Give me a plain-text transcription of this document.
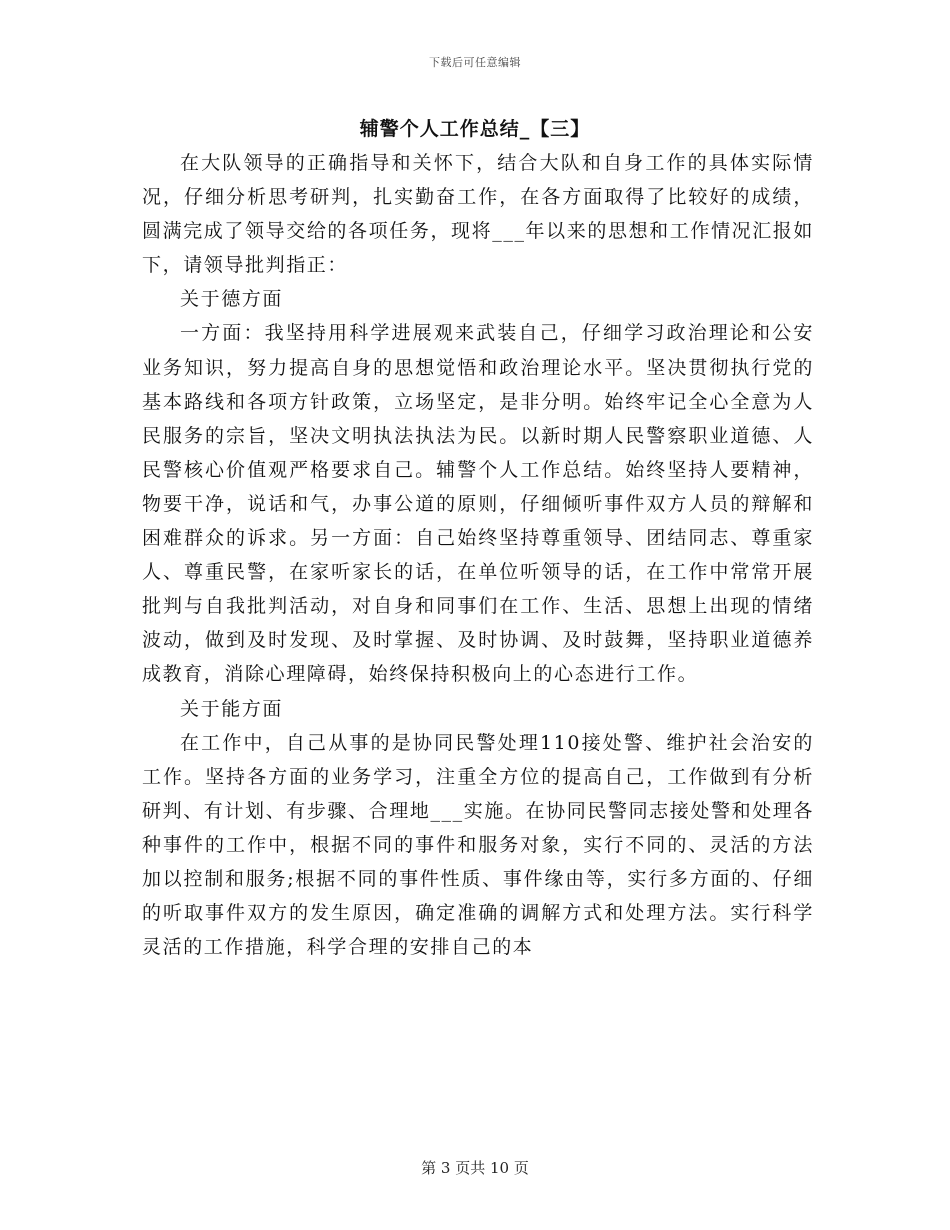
下载后可任意编辑
辅警个人工作总结_【三】

在大队领导的正确指导和关怀下，结合大队和自身工作的具体实际情况，仔细分析思考研判，扎实勤奋工作，在各方面取得了比较好的成绩，圆满完成了领导交给的各项任务，现将___年以来的思想和工作情况汇报如下，请领导批判指正：

关于德方面

一方面：我坚持用科学进展观来武装自己，仔细学习政治理论和公安业务知识，努力提高自身的思想觉悟和政治理论水平。坚决贯彻执行党的基本路线和各项方针政策，立场坚定，是非分明。始终牢记全心全意为人民服务的宗旨，坚决文明执法执法为民。以新时期人民警察职业道德、人民警核心价值观严格要求自己。辅警个人工作总结。始终坚持人要精神，物要干净，说话和气，办事公道的原则，仔细倾听事件双方人员的辩解和困难群众的诉求。另一方面：自己始终坚持尊重领导、团结同志、尊重家人、尊重民警，在家听家长的话，在单位听领导的话，在工作中常常开展批判与自我批判活动，对自身和同事们在工作、生活、思想上出现的情绪波动，做到及时发现、及时掌握、及时协调、及时鼓舞，坚持职业道德养成教育，消除心理障碍，始终保持积极向上的心态进行工作。

关于能方面

在工作中，自己从事的是协同民警处理110接处警、维护社会治安的工作。坚持各方面的业务学习，注重全方位的提高自己，工作做到有分析研判、有计划、有步骤、合理地___实施。在协同民警同志接处警和处理各种事件的工作中，根据不同的事件和服务对象，实行不同的、灵活的方法加以控制和服务;根据不同的事件性质、事件缘由等，实行多方面的、仔细的听取事件双方的发生原因，确定准确的调解方式和处理方法。实行科学灵活的工作措施，科学合理的安排自己的本

第 3 页共 10 页
